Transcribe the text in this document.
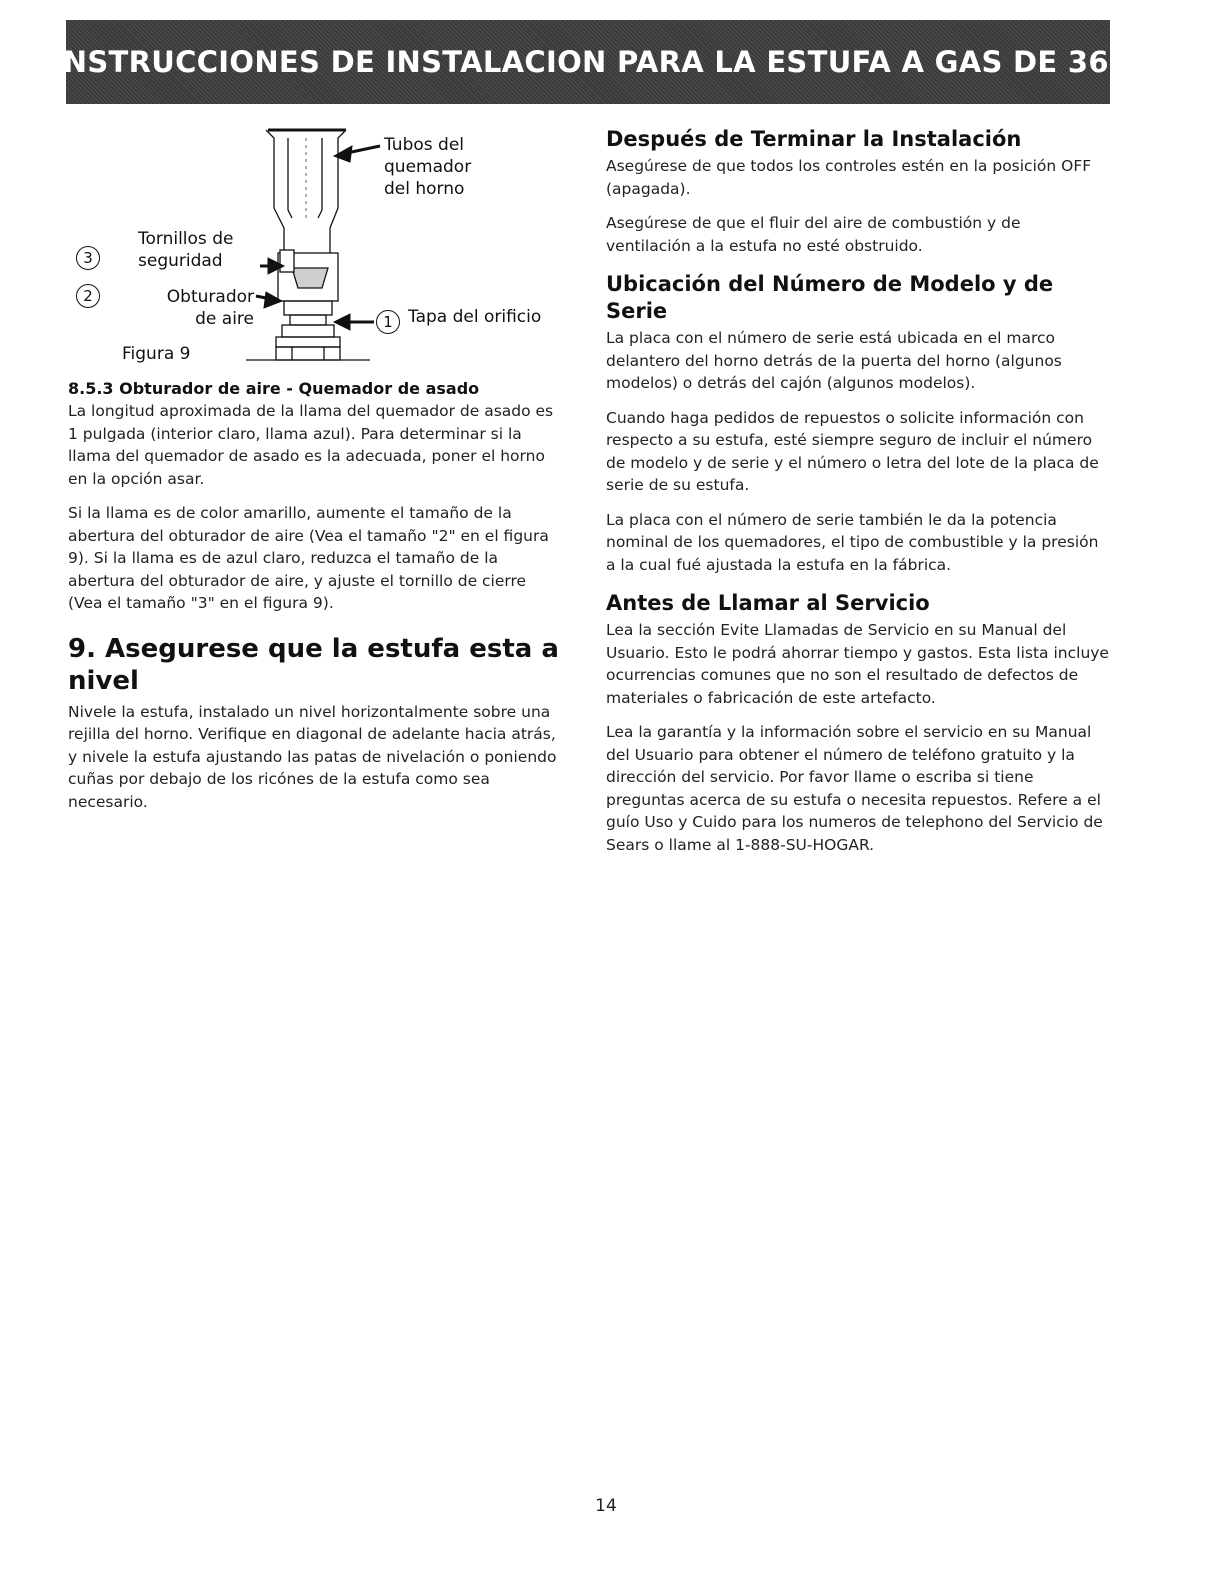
INSTRUCCIONES DE INSTALACION PARA LA ESTUFA A GAS DE 36"
Tubos del
quemador
del horno
3
Tornillos de
seguridad
2	Obturador
de aire	1 Tapa del orificio
Figura 9
8.5.3 Obturador de aire - Quemador de asado

La longitud aproximada de la llama del quemador de asado es 1 pulgada (interior claro, llama azul). Para determinar si la llama del quemador de asado es la adecuada, poner el horno en la opción asar.

Si la llama es de color amarillo, aumente el tamaño de la abertura del obturador de aire (Vea el tamaño "2" en el figura 9). Si la llama es de azul claro, reduzca el tamaño de la abertura del obturador de aire, y ajuste el tornillo de cierre (Vea el tamaño "3" en el figura 9).

9. Asegurese que la estufa esta a nivel

Nivele la estufa, instalado un nivel horizontalmente sobre una rejilla del horno. Verifique en diagonal de adelante hacia atrás, y nivele la estufa ajustando las patas de nivelación o poniendo cuñas por debajo de los ricónes de la estufa como sea necesario.

Después de Terminar la Instalación

Asegúrese de que todos los controles estén en la posición OFF (apagada).

Asegúrese de que el fluir del aire de combustión y de ventilación a la estufa no esté obstruido.

Ubicación del Número de Modelo y de Serie

La placa con el número de serie está ubicada en el marco delantero del horno detrás de la puerta del horno (algunos modelos) o detrás del cajón (algunos modelos).

Cuando haga pedidos de repuestos o solicite información con respecto a su estufa, esté siempre seguro de incluir el número de modelo y de serie y el número o letra del lote de la placa de serie de su estufa.

La placa con el número de serie también le da la potencia nominal de los quemadores, el tipo de combustible y la presión a la cual fué ajustada la estufa en la fábrica.

Antes de Llamar al Servicio

Lea la sección Evite Llamadas de Servicio en su Manual del Usuario. Esto le podrá ahorrar tiempo y gastos. Esta lista incluye ocurrencias comunes que no son el resultado de defectos de materiales o fabricación de este artefacto.

Lea la garantía y la información sobre el servicio en su Manual del Usuario para obtener el número de teléfono gratuito y la dirección del servicio. Por favor llame o escriba si tiene preguntas acerca de su estufa o necesita repuestos. Refere a el guío Uso y Cuido para los numeros de telephono del Servicio de Sears o llame al 1-888-SU-HOGAR.

14
